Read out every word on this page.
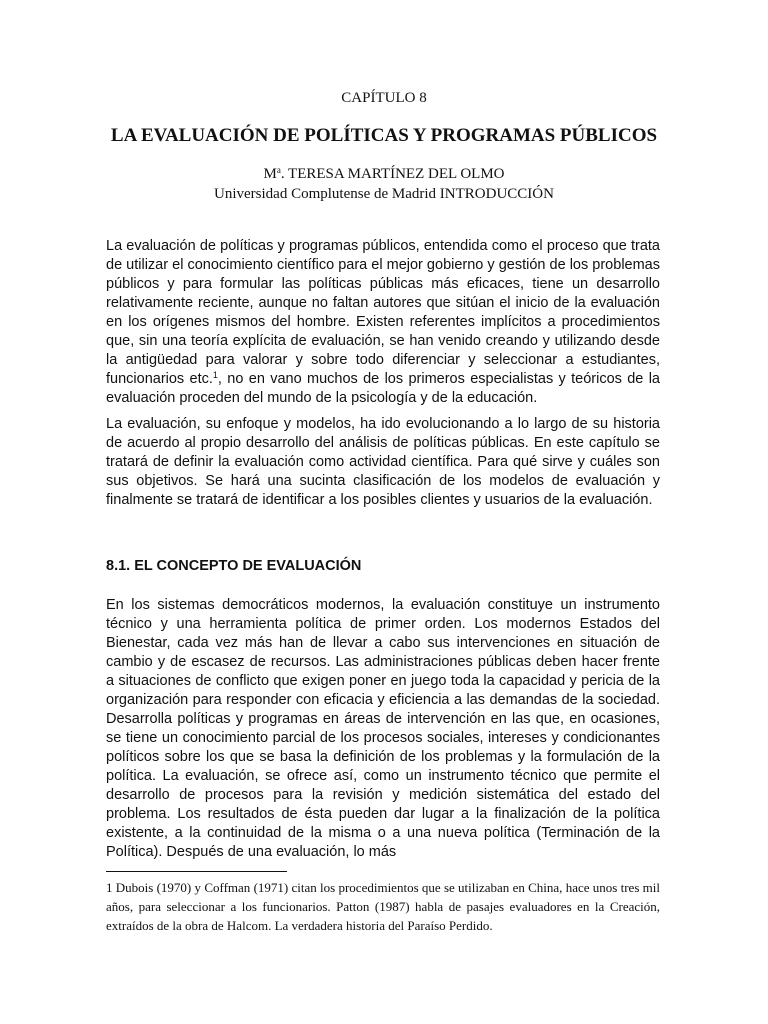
CAPÍTULO 8
LA EVALUACIÓN DE POLÍTICAS Y PROGRAMAS PÚBLICOS
$M^a$. TERESA MARTÍNEZ DEL OLMO
Universidad Complutense de Madrid INTRODUCCIÓN

La evaluación de políticas y programas públicos, entendida como el proceso que trata de utilizar el conocimiento científico para el mejor gobierno y gestión de los problemas públicos y para formular las políticas públicas más eficaces, tiene un desarrollo relativamente reciente, aunque no faltan autores que sitúan el inicio de la evaluación en los orígenes mismos del hombre. Existen referentes implícitos a procedimientos que, sin una teoría explícita de evaluación, se han venido creando y utilizando desde la antigüedad para valorar y sobre todo diferenciar y seleccionar a estudiantes, funcionarios etc.$^1$, no en vano muchos de los primeros especialistas y teóricos de la evaluación proceden del mundo de la psicología y de la educación.

La evaluación, su enfoque y modelos, ha ido evolucionando a lo largo de su historia de acuerdo al propio desarrollo del análisis de políticas públicas. En este capítulo se tratará de definir la evaluación como actividad científica. Para qué sirve y cuáles son sus objetivos. Se hará una sucinta clasificación de los modelos de evaluación y finalmente se tratará de identificar a los posibles clientes y usuarios de la evaluación.

8.1. EL CONCEPTO DE EVALUACIÓN

En los sistemas democráticos modernos, la evaluación constituye un instrumento técnico y una herramienta política de primer orden. Los modernos Estados del Bienestar, cada vez más han de llevar a cabo sus intervenciones en situación de cambio y de escasez de recursos. Las administraciones públicas deben hacer frente a situaciones de conflicto que exigen poner en juego toda la capacidad y pericia de la organización para responder con eficacia y eficiencia a las demandas de la sociedad. Desarrolla políticas y programas en áreas de intervención en las que, en ocasiones, se tiene un conocimiento parcial de los procesos sociales, intereses y condicionantes políticos sobre los que se basa la definición de los problemas y la formulación de la política. La evaluación, se ofrece así, como un instrumento técnico que permite el desarrollo de procesos para la revisión y medición sistemática del estado del problema. Los resultados de ésta pueden dar lugar a la finalización de la política existente, a la continuidad de la misma o a una nueva política (Terminación de la Política). Después de una evaluación, lo más

1 Dubois (1970) y Coffman (1971) citan los procedimientos que se utilizaban en China, hace unos tres mil años, para seleccionar a los funcionarios. Patton (1987) habla de pasajes evaluadores en la Creación, extraídos de la obra de Halcom. La verdadera historia del Paraíso Perdido.
